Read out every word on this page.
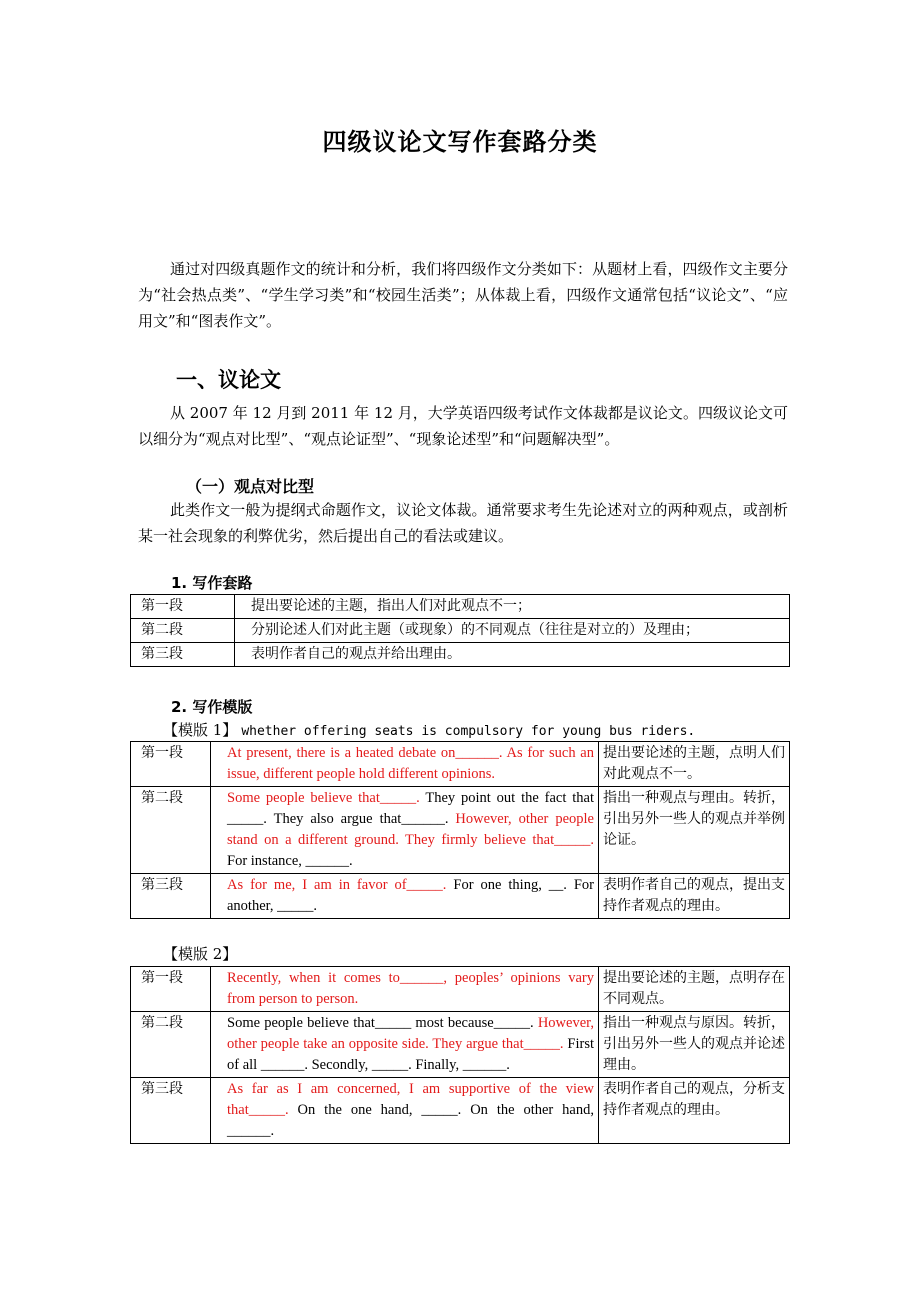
四级议论文写作套路分类
通过对四级真题作文的统计和分析，我们将四级作文分类如下：从题材上看，四级作文主要分为“社会热点类”、“学生学习类”和“校园生活类”；从体裁上看，四级作文通常包括“议论文”、“应用文”和“图表作文”。
一、议论文
从 2007 年 12 月到 2011 年 12 月，大学英语四级考试作文体裁都是议论文。四级议论文可以细分为“观点对比型”、“观点论证型”、“现象论述型”和“问题解决型”。
（一）观点对比型
此类作文一般为提纲式命题作文，议论文体裁。通常要求考生先论述对立的两种观点，或剖析某一社会现象的利弊优劣，然后提出自己的看法或建议。
1. 写作套路
第一段	提出要论述的主题，指出人们对此观点不一；
第二段	分别论述人们对此主题（或现象）的不同观点（往往是对立的）及理由；
第三段	表明作者自己的观点并给出理由。
2. 写作模版
【模版 1】 whether offering seats is compulsory for young bus riders.
第一段	At present, there is a heated debate on______. As for such an issue, different people hold different opinions.	提出要论述的主题，点明人们对此观点不一。
第二段	Some people believe that_____. They point out the fact that _____. They also argue that______. However, other people stand on a different ground. They firmly believe that_____. For instance, ______.	指出一种观点与理由。转折，引出另外一些人的观点并举例论证。
第三段	As for me, I am in favor of_____. For one thing, __. For another, _____.	表明作者自己的观点，提出支持作者观点的理由。
【模版 2】
第一段	Recently, when it comes to______, peoples’ opinions vary from person to person.	提出要论述的主题，点明存在不同观点。
第二段	Some people believe that_____ most because_____. However, other people take an opposite side. They argue that_____. First of all ______. Secondly, _____. Finally, ______.	指出一种观点与原因。转折，引出另外一些人的观点并论述理由。
第三段	As far as I am concerned, I am supportive of the view that_____. On the one hand, _____. On the other hand, ______.	表明作者自己的观点，分析支持作者观点的理由。
